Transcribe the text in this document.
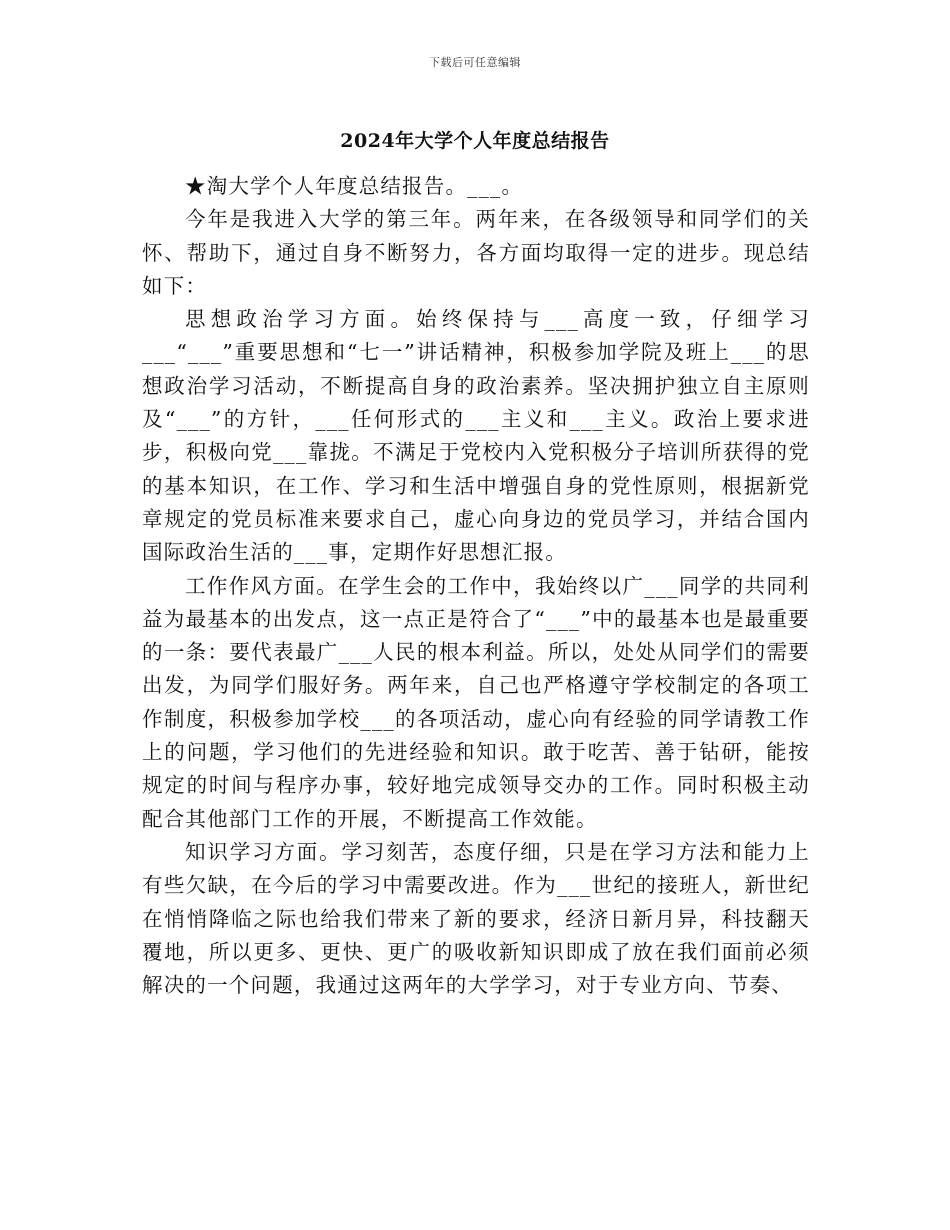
下载后可任意编辑
2024年大学个人年度总结报告

★淘大学个人年度总结报告。___。

今年是我进入大学的第三年。两年来，在各级领导和同学们的关怀、帮助下，通过自身不断努力，各方面均取得一定的进步。现总结如下：

思想政治学习方面。始终保持与___高度一致，仔细学习___“___”重要思想和“七一”讲话精神，积极参加学院及班上___的思想政治学习活动，不断提高自身的政治素养。坚决拥护独立自主原则及“___”的方针，___任何形式的___主义和___主义。政治上要求进步，积极向党___靠拢。不满足于党校内入党积极分子培训所获得的党的基本知识，在工作、学习和生活中增强自身的党性原则，根据新党章规定的党员标准来要求自己，虚心向身边的党员学习，并结合国内国际政治生活的___事，定期作好思想汇报。

工作作风方面。在学生会的工作中，我始终以广___同学的共同利益为最基本的出发点，这一点正是符合了“___”中的最基本也是最重要的一条：要代表最广___人民的根本利益。所以，处处从同学们的需要出发，为同学们服好务。两年来，自己也严格遵守学校制定的各项工作制度，积极参加学校___的各项活动，虚心向有经验的同学请教工作上的问题，学习他们的先进经验和知识。敢于吃苦、善于钻研，能按规定的时间与程序办事，较好地完成领导交办的工作。同时积极主动配合其他部门工作的开展，不断提高工作效能。

知识学习方面。学习刻苦，态度仔细，只是在学习方法和能力上有些欠缺，在今后的学习中需要改进。作为___世纪的接班人，新世纪在悄悄降临之际也给我们带来了新的要求，经济日新月异，科技翻天覆地，所以更多、更快、更广的吸收新知识即成了放在我们面前必须解决的一个问题，我通过这两年的大学学习，对于专业方向、节奏、
